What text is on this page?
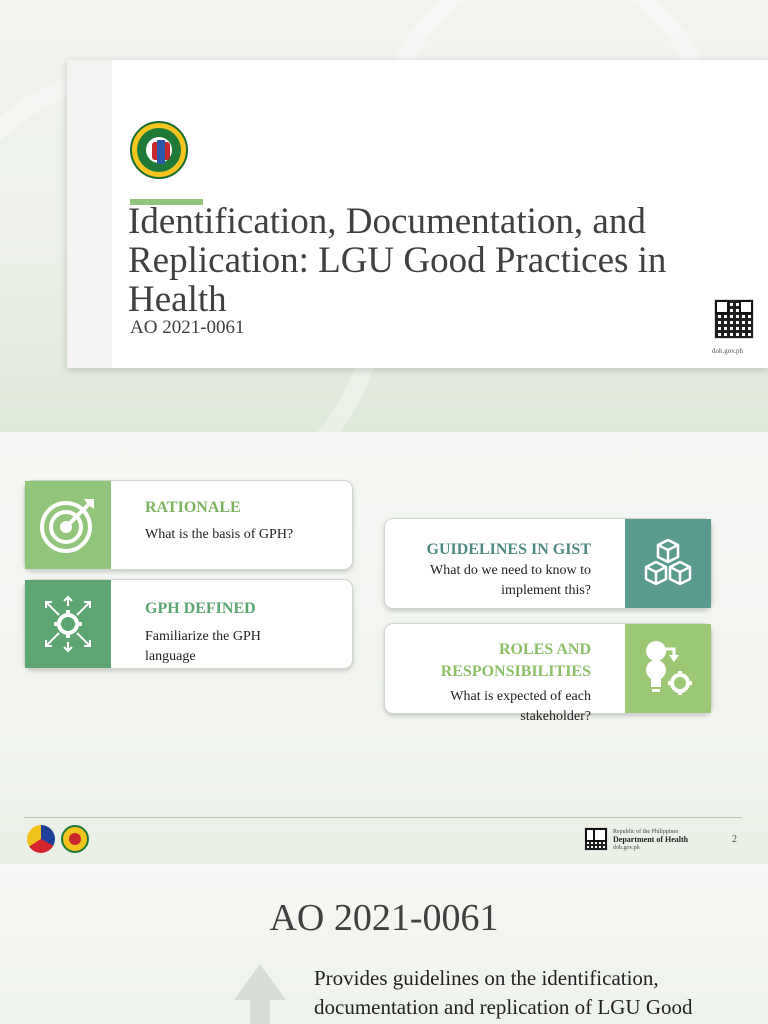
Identification, Documentation, and Replication: LGU Good Practices in Health
AO 2021-0061
doh.gov.ph
RATIONALE
What is the basis of GPH?
GPH DEFINED
Familiarize the GPH language
GUIDELINES IN GIST
What do we need to know to implement this?
ROLES AND RESPONSIBILITIES
What is expected of each stakeholder?
Republic of the Philippines
Department of Health
doh.gov.ph
2
AO 2021-0061
Provides guidelines on the identification, documentation and replication of LGU Good
